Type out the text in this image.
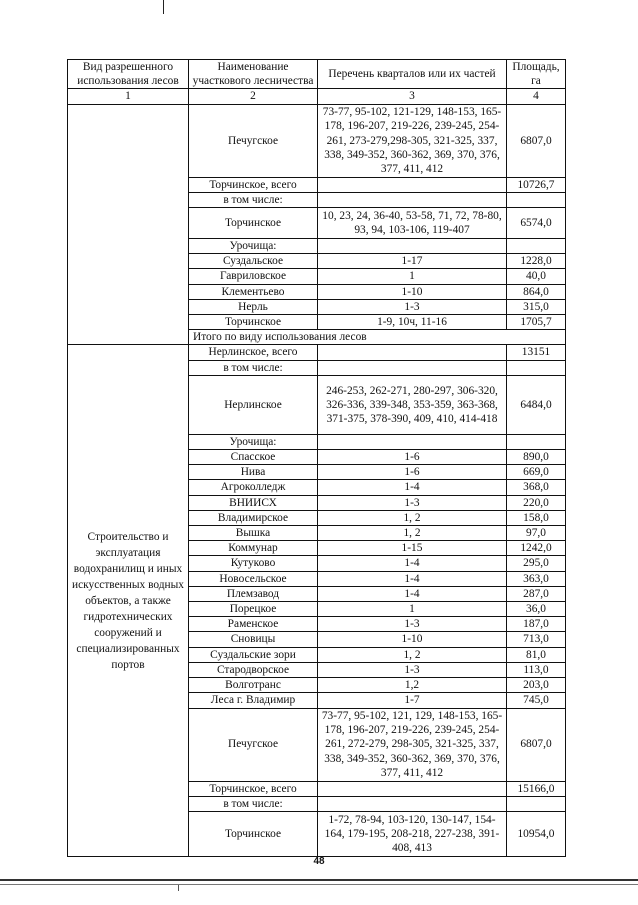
Вид разрешенного использования лесов	Наименование участкового лесничества	Перечень кварталов или их частей	Площадь, га	
1	2	3	4	
	Печугское	73-77, 95-102, 121-129, 148-153, 165-178, 196-207, 219-226, 239-245, 254-261, 273-279,298-305, 321-325, 337, 338, 349-352, 360-362, 369, 370, 376, 377, 411, 412	6807,0	
	Торчинское, всего		10726,7	
	в том числе:			
	Торчинское	10, 23, 24, 36-40, 53-58, 71, 72, 78-80, 93, 94, 103-106, 119-407	6574,0	
	Урочища:			
	Суздальское	1-17	1228,0	
	Гавриловское	1	40,0	
	Клементьево	1-10	864,0	
	Нерль	1-3	315,0	
	Торчинское	1-9, 10ч, 11-16	1705,7	
	Итого по виду использования лесов	
Строительство и эксплуатация водохранилищ и иных искусственных водных объектов, а также гидротехнических сооружений и специализированных портов	Нерлинское, всего		13151	
	в том числе:			
	Нерлинское	246-253, 262-271, 280-297, 306-320, 326-336, 339-348, 353-359, 363-368, 371-375, 378-390, 409, 410, 414-418	6484,0	
	Урочища:			
	Спасское	1-6	890,0	
	Нива	1-6	669,0	
	Агроколледж	1-4	368,0	
	ВНИИСХ	1-3	220,0	
	Владимирское	1, 2	158,0	
	Вышка	1, 2	97,0	
	Коммунар	1-15	1242,0	
	Кутуково	1-4	295,0	
	Новосельское	1-4	363,0	
	Племзавод	1-4	287,0	
	Порецкое	1	36,0	
	Раменское	1-3	187,0	
	Сновицы	1-10	713,0	
	Суздальские зори	1, 2	81,0	
	Стародворское	1-3	113,0	
	Волготранс	1,2	203,0	
	Леса г. Владимир	1-7	745,0	
	Печугское	73-77, 95-102, 121, 129, 148-153, 165-178, 196-207, 219-226, 239-245, 254-261, 272-279, 298-305, 321-325, 337, 338, 349-352, 360-362, 369, 370, 376, 377, 411, 412	6807,0	
	Торчинское, всего		15166,0	
	в том числе:			
	Торчинское	1-72, 78-94, 103-120, 130-147, 154-164, 179-195, 208-218, 227-238, 391-408, 413	10954,0	
48
